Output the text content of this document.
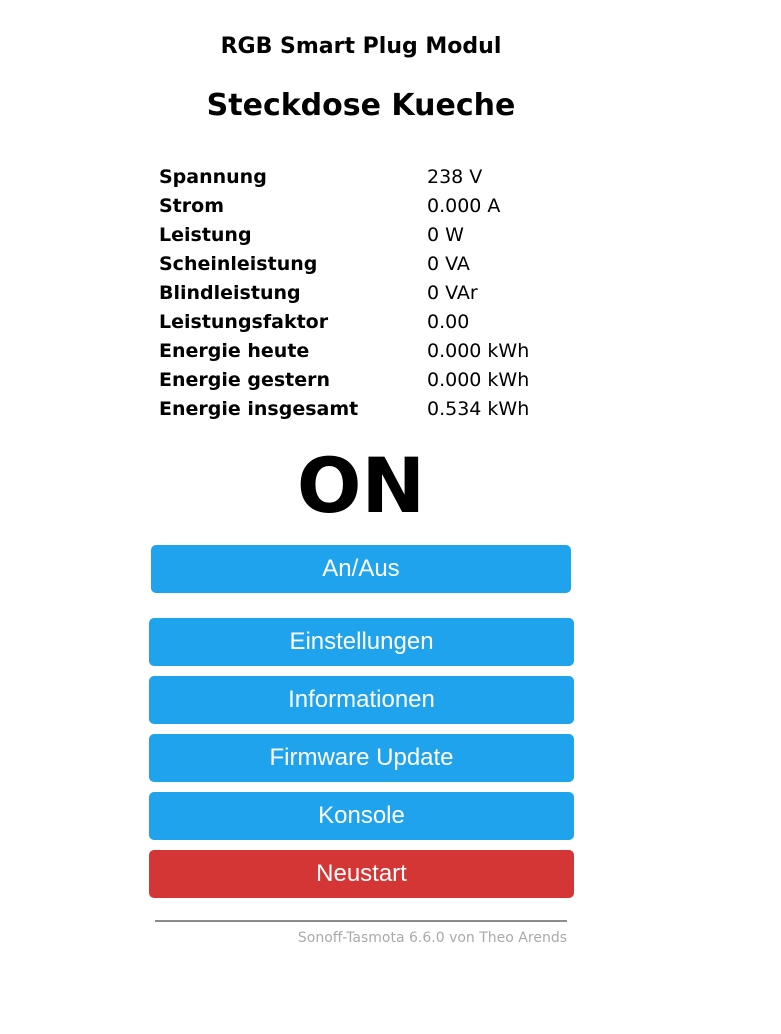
RGB Smart Plug Modul
Steckdose Kueche
Spannung	238 V
Strom	0.000 A
Leistung	0 W
Scheinleistung	0 VA
Blindleistung	0 VAr
Leistungsfaktor	0.00
Energie heute	0.000 kWh
Energie gestern	0.000 kWh
Energie insgesamt	0.534 kWh
ON
An/Aus
Einstellungen
Informationen
Firmware Update
Konsole
Neustart
Sonoff-Tasmota 6.6.0 von Theo Arends
